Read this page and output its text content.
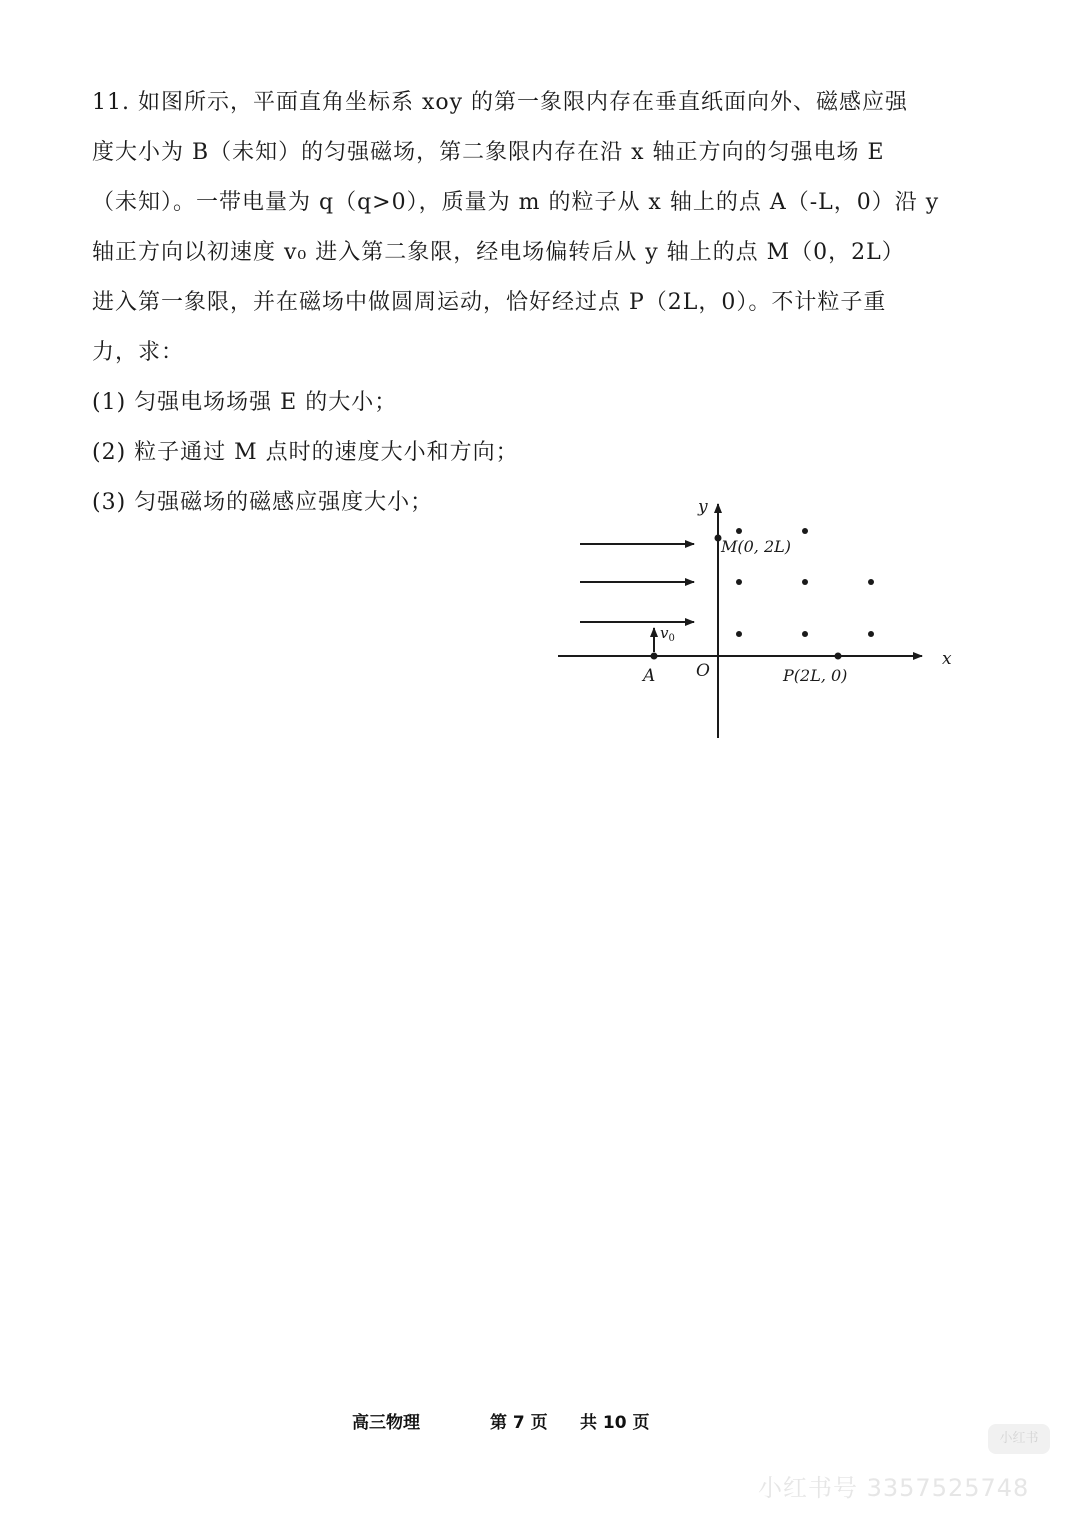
11. 如图所示，平面直角坐标系 xoy 的第一象限内存在垂直纸面向外、磁感应强
度大小为 B（未知）的匀强磁场，第二象限内存在沿 x 轴正方向的匀强电场 E
（未知）。一带电量为 q（q>0），质量为 m 的粒子从 x 轴上的点 A（-L，0）沿 y
轴正方向以初速度 v₀ 进入第二象限，经电场偏转后从 y 轴上的点 M（0，2L）
进入第一象限，并在磁场中做圆周运动，恰好经过点 P（2L，0）。不计粒子重
力，求：
(1) 匀强电场场强 E 的大小；
(2) 粒子通过 M 点时的速度大小和方向；
(3) 匀强磁场的磁感应强度大小；	y
x
O
M(0, 2L)
A	P(2L, 0)
$v_0$
高三物理	第 7 页 共 10 页
小红书
小红书号 3357525748
